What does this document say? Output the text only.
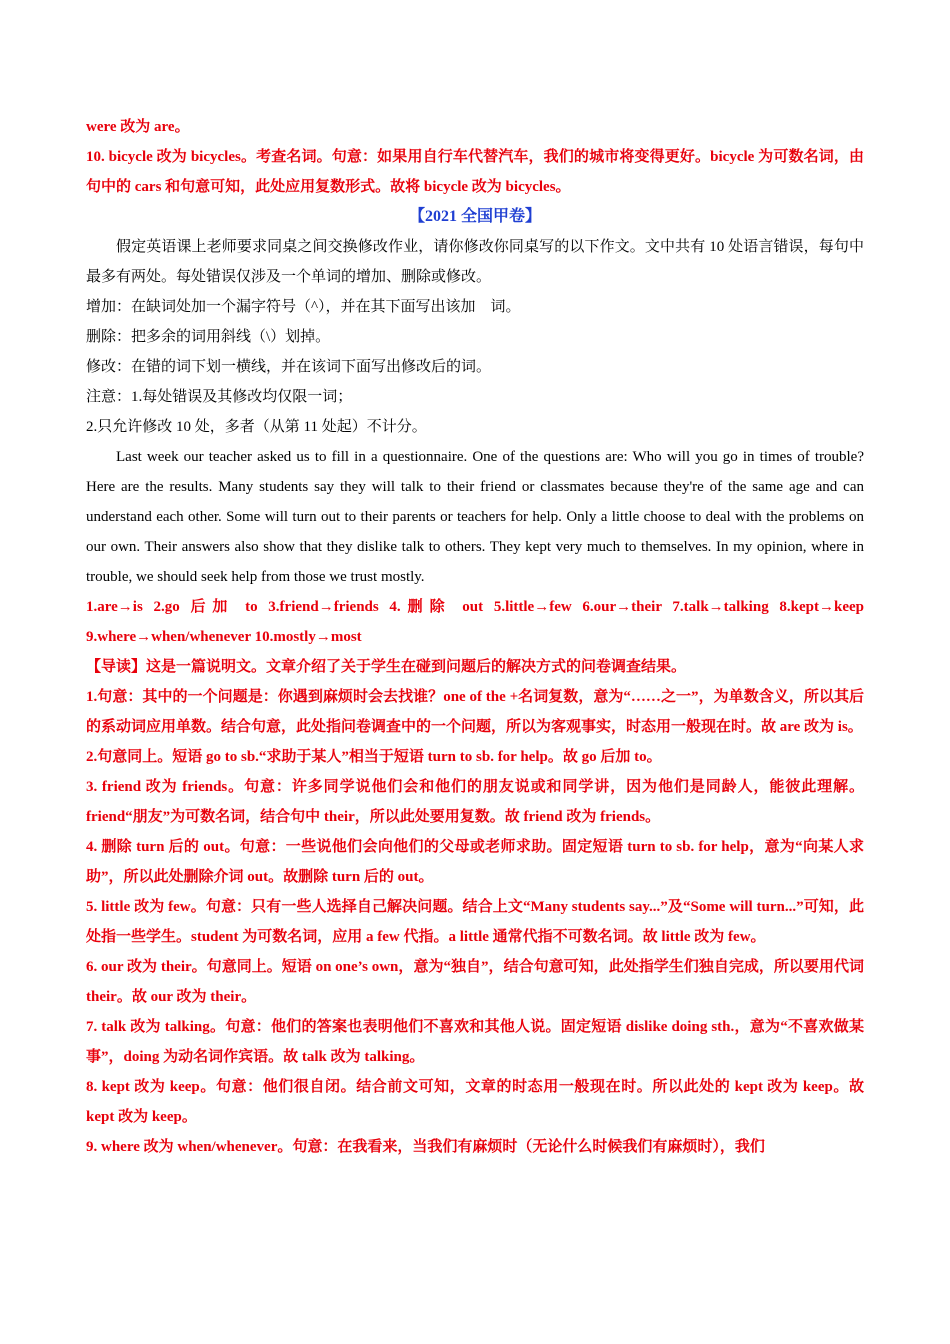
were 改为 are。

10. bicycle 改为 bicycles。考查名词。句意：如果用自行车代替汽车，我们的城市将变得更好。bicycle 为可数名词，由句中的 cars 和句意可知，此处应用复数形式。故将 bicycle 改为 bicycles。

【2021 全国甲卷】

假定英语课上老师要求同桌之间交换修改作业，请你修改你同桌写的以下作文。文中共有 10 处语言错误，每句中最多有两处。每处错误仅涉及一个单词的增加、删除或修改。

增加：在缺词处加一个漏字符号（^），并在其下面写出该加　词。

删除：把多余的词用斜线（\）划掉。

修改：在错的词下划一横线，并在该词下面写出修改后的词。

注意：1.每处错误及其修改均仅限一词；

2.只允许修改 10 处，多者（从第 11 处起）不计分。

Last week our teacher asked us to fill in a questionnaire. One of the questions are: Who will you go in times of trouble? Here are the results. Many students say they will talk to their friend or classmates because they're of the same age and can understand each other. Some will turn out to their parents or teachers for help. Only a little choose to deal with the problems on our own. Their answers also show that they dislike talk to others. They kept very much to themselves. In my opinion, where in trouble, we should seek help from those we trust mostly.

1.are→is 2.go 后加 to 3.friend→friends 4.删除 out 5.little→few 6.our→their 7.talk→talking 8.kept→keep 9.where→when/whenever 10.mostly→most

【导读】这是一篇说明文。文章介绍了关于学生在碰到问题后的解决方式的问卷调查结果。

1.句意：其中的一个问题是：你遇到麻烦时会去找谁？one of the +名词复数，意为“……之一”，为单数含义，所以其后的系动词应用单数。结合句意，此处指问卷调查中的一个问题，所以为客观事实，时态用一般现在时。故 are 改为 is。

2.句意同上。短语 go to sb.“求助于某人”相当于短语 turn to sb. for help。故 go 后加 to。

3. friend 改为 friends。句意：许多同学说他们会和他们的朋友说或和同学讲，因为他们是同龄人，能彼此理解。friend“朋友”为可数名词，结合句中 their，所以此处要用复数。故 friend 改为 friends。

4. 删除 turn 后的 out。句意：一些说他们会向他们的父母或老师求助。固定短语 turn to sb. for help，意为“向某人求助”，所以此处删除介词 out。故删除 turn 后的 out。

5. little 改为 few。句意：只有一些人选择自己解决问题。结合上文“Many students say...”及“Some will turn...”可知，此处指一些学生。student 为可数名词，应用 a few 代指。a little 通常代指不可数名词。故 little 改为 few。

6. our 改为 their。句意同上。短语 on one’s own，意为“独自”，结合句意可知，此处指学生们独自完成，所以要用代词 their。故 our 改为 their。

7. talk 改为 talking。句意：他们的答案也表明他们不喜欢和其他人说。固定短语 dislike doing sth.，意为“不喜欢做某事”，doing 为动名词作宾语。故 talk 改为 talking。

8. kept 改为 keep。句意：他们很自闭。结合前文可知，文章的时态用一般现在时。所以此处的 kept 改为 keep。故 kept 改为 keep。

9. where 改为 when/whenever。句意：在我看来，当我们有麻烦时（无论什么时候我们有麻烦时），我们
